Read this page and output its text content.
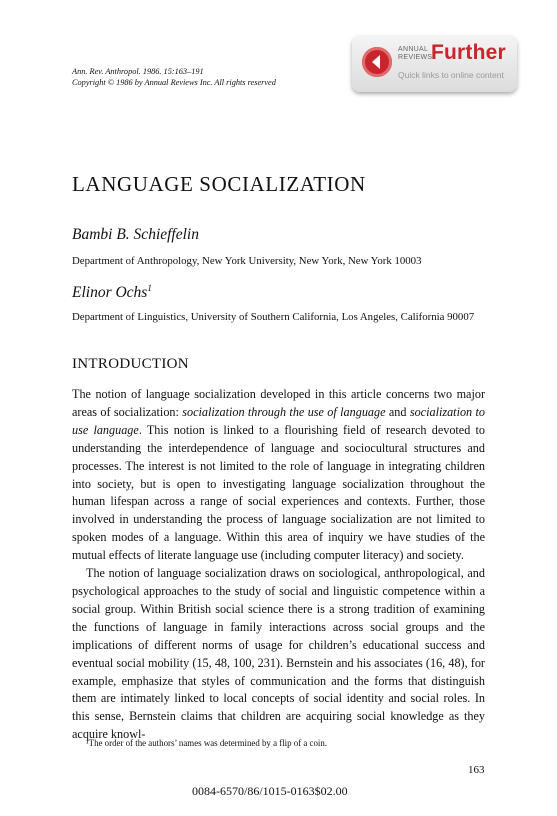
Ann. Rev. Anthropol. 1986. 15:163–191
Copyright © 1986 by Annual Reviews Inc. All rights reserved
ANNUAL REVIEWS
Further
Quick links to online content
LANGUAGE SOCIALIZATION
Bambi B. Schieffelin
Department of Anthropology, New York University, New York, New York 10003
Elinor Ochs$^1$
Department of Linguistics, University of Southern California, Los Angeles, California 90007
INTRODUCTION

The notion of language socialization developed in this article concerns two major areas of socialization: socialization through the use of language and socialization to use language. This notion is linked to a flourishing field of research devoted to understanding the interdependence of language and sociocultural structures and processes. The interest is not limited to the role of language in integrating children into society, but is open to investigating language socialization throughout the human lifespan across a range of social experiences and contexts. Further, those involved in understanding the process of language socialization are not limited to spoken modes of a language. Within this area of inquiry we have studies of the mutual effects of literate language use (including computer literacy) and society.

The notion of language socialization draws on sociological, anthropological, and psychological approaches to the study of social and linguistic competence within a social group. Within British social science there is a strong tradition of examining the functions of language in family interactions across social groups and the implications of different norms of usage for children’s educational success and eventual social mobility (15, 48, 100, 231). Bernstein and his associates (16, 48), for example, emphasize that styles of communication and the forms that distinguish them are intimately linked to local concepts of social identity and social roles. In this sense, Bernstein claims that children are acquiring social knowledge as they acquire knowl-

¹The order of the authors’ names was determined by a flip of a coin.
163
0084-6570/86/1015-0163$02.00
